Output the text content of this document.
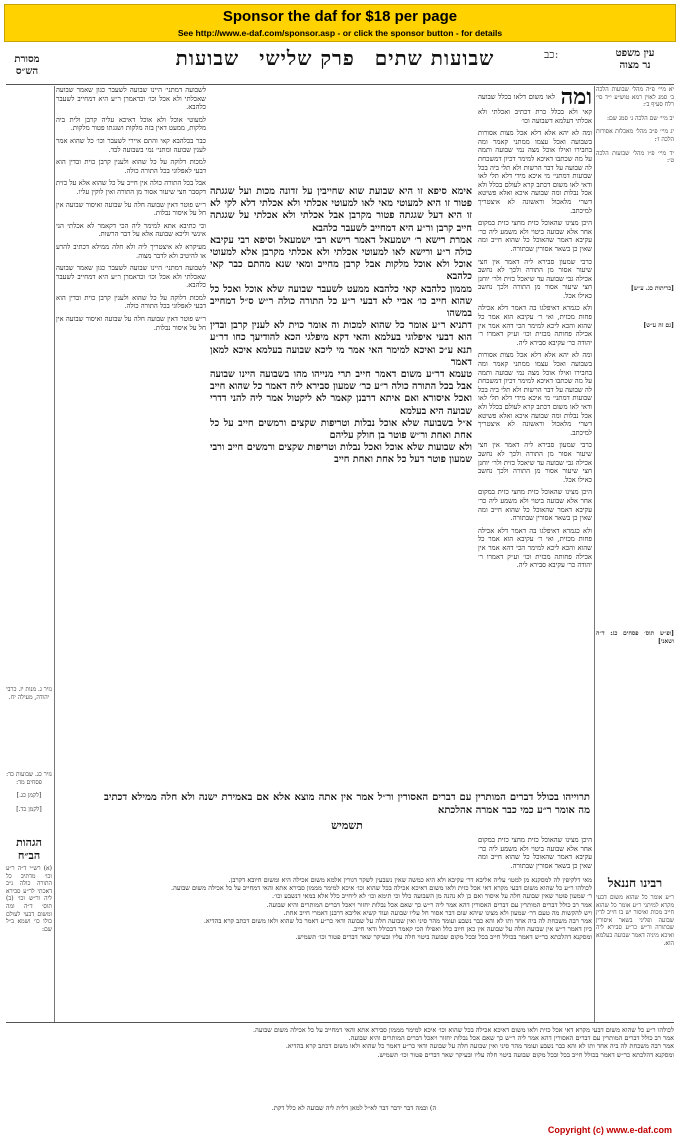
Sponsor the daf for $18 per page
See http://www.e-daf.com/sponsor.asp - or click the sponsor button - for details
עין משפט
נר מצוה
שבועות שתים פרק שלישי שבועות	כב:
מסורת
הש״ס

יא מיי׳ פ״ה מהל׳ שבועות הלכה ב׳ סמג לאוין רמא טוש״ע י״ד סי׳ רלח סעיף ב׳:

יב מיי׳ שם הלכה ג׳ סמג שם:

יג מיי׳ פ״ב מהל׳ מאכלות אסורות הלכה ז׳:

יד מיי׳ פ״ו מהל׳ שבועות הלכה ט׳:

[כריתות כג. ע״ש]
[גם זה ע״ש]
[ופ״ש תוס׳ פסחים כג: ד״ה ושאני]

ומה לאו משום דלאו בכלל שבועה קאי ולא בכלל כרת דכתיב ואכלתי ולא אכלתי דעלמא דשבועה וכו׳

ומה לא יהא אלא דלא אכל מצות אסורות בשבועה ואכל עצמו ממתני קאמר ומה בחבירו ואילו אוכל מצה נמי שבועה ותמה על מה שכתבו דאיכא למימר דכיון דמשכחת לה שבועה על דבר הרשות ולא תלי ביה בכל שבועות דמתני׳ מי איכא מידי דלא תלי לאו ודאי לאו משום דכתב קרא לעולם בכלל ולא אכל נבלות ומה שבועה איכא ואלא פשיטא דשרי מלאכול וראשונה לא איצטריך למיכתב.

היכן מצינו שהאוכל כזית מחצי כזית במקום אחר אלא שבועה ביטוי ולא משמע ליה כר׳ עקיבא דאמר שהאוכל כל שהוא חייב ומה שאין כן בשאר אסורין שבתורה.

כרבי שמעון סבירא ליה דאמר אין חצי שיעור אסור מן התורה ולכך לא נחשב אכילה גבי שבועה עד שיאכל כזית ולר׳ יוחנן חצי שיעור אסור מן התורה ולכך נחשב כאילו אכל.

ולא כגמרא דאיפלגו בה דאמר דלא אכילה פחות מכזית, ואי ר׳ עקיבא הוא אמר כל שהוא והכא ליכא למימר הכי דהא אמר אין אכילה פחותה מכזית וכו׳ וע״ק דאמרו ר׳ יהודה כר׳ עקיבא סבירא ליה.

ומה לא יהא אלא דלא אכל מצות אסורות בשבועה ואכל עצמו ממתני קאמר ומה בחבירו ואילו אוכל מצה נמי שבועה ותמה על מה שכתבו דאיכא למימר דכיון דמשכחת לה שבועה על דבר הרשות ולא תלי ביה בכל שבועות דמתני׳ מי איכא מידי דלא תלי לאו ודאי לאו משום דכתב קרא לעולם בכלל ולא אכל נבלות ומה שבועה איכא ואלא פשיטא דשרי מלאכול וראשונה לא איצטריך למיכתב.

כרבי שמעון סבירא ליה דאמר אין חצי שיעור אסור מן התורה ולכך לא נחשב אכילה גבי שבועה עד שיאכל כזית ולר׳ יוחנן חצי שיעור אסור מן התורה ולכך נחשב כאילו אכל.

היכן מצינו שהאוכל כזית מחצי כזית במקום אחר אלא שבועה ביטוי ולא משמע ליה כר׳ עקיבא דאמר שהאוכל כל שהוא חייב ומה שאין כן בשאר אסורין שבתורה.

ולא כגמרא דאיפלגו בה דאמר דלא אכילה פחות מכזית, ואי ר׳ עקיבא הוא אמר כל שהוא והכא ליכא למימר הכי דהא אמר אין אכילה פחותה מכזית וכו׳ וע״ק דאמרו ר׳ יהודה כר׳ עקיבא סבירא ליה.

אימא סיפא זו היא שבועת שוא שחייבין על זדונה מכות ועל שגגתה פטור זו היא למעוטי מאי לאו למעוטי אכלתי ולא אכלתי דלא לקי לא זו היא דעל שגגתה פטור מקרבן אבל אכלתי ולא אכלתי על שגגתה חייב קרבן ור״ע היא דמחייב לשעבר כלהבא

אמרת רישא ר׳ ישמעאל דאמר רישא רבי ישמעאל וסיפא רבי עקיבא כולה ר״ע ורישא לאו למעוטי אכלתי ולא אכלתי מקרבן אלא למעוטי אוכל ולא אוכל מלקות אבל קרבן מחייב ומאי שנא מהתם כבר קאי כלהבא

מממון כלהבא קאי כלהבא ממעט לשעבר שבועה שלא אוכל ואכל כל שהוא חייב כו׳ אביי לא דבעי ר״ע כל התורה כולה ר״ש ס״ל דמחייב במשהו

דתניא ר״ע אומר כל שהוא למכות וה אומר כוית לא לענין קרבן ובדין הוא דבעי איפלוגי בעלמא והאי דקא מיפלגי הכא להודיעך כחו דר״ע תנא ע״כ ואיכא למימר האי אמר מי ליכא שבועה בעלמא איכא למאן דאמר

טעמא דר״ע משום דאמר חייב תרי מנייהו מהו בשבועה היינו שבועה אבל בכל התורה כולה ר״ע כר׳ שמעון סבירא ליה דאמר כל שהוא חייב ואכל איסורא ואם איתא דרבנן קאמר לא ליקטול אמר ליה להני דדרי שבועה היא בעלמא

א״ל בשבועה שלא אוכל נבלות וטריפות שקצים ורמשים חייב על כל אחת ואחת ור״ש פוטר בן חולק עליהם

ולא שבועות שלא אוכל ואכל נבלות וטריפות שקצים ורמשים חייב ורבי שמעון פוטר דעל כל אחת ואחת חייב

תרוייהו בכולל דברים המותרין עם דברים האסורין ור״ל אמר אין אתה מוצא אלא אם באמירת ישנה ולא חלה ממילא דכתיב מה אומר ר״ע כמי כבר אמרה אהלכתא

תשמיש

לשבועה דמתני׳ היינו שבועה לשעבר כגון שאמר שבועה שאכלתי ולא אכל וכו׳ וכדאמרן ר״ע היא דמחייב לשעבר כלהבא.

למעוטי אוכל ולא אוכל דאיכא עליה קרבן ולית ביה מלקות, ממעט דאין בזה מלקות ושגגתו פטור מלקות.

כבר בכלהבא קאי והתם איירי לשעבר וכו׳ כל שהוא אמר לענין שבועה ומתני׳ נמי בשבועה לבד.

למכות דלוקה על כל שהוא ולענין קרבן כוית ובדין הוא דבעי לאפלוגי בכל התורה כולה.

אבל בכל התורה כולה אין חייב על כל שהוא אלא על כזית דקסבר חצי שיעור אסור מן התורה ואין לוקין עליו.

ר״ש פוטר דאין שבועה חלה על שבועה ואיסור שבועה אין חל על איסור נבלות.

וכי כתיבא אתא למימר ליה הכי דקאמר לא אכלתי הני אינשי וליכא שבועה אלא על דבר הרשות.

מעיקרא לא איצטריך ליה ולא חלה ממילא דכתיב להרע או להיטיב ולא לדבר מצוה.

לשבועה דמתני׳ היינו שבועה לשעבר כגון שאמר שבועה שאכלתי ולא אכל וכו׳ וכדאמרן ר״ע היא דמחייב לשעבר כלהבא.

למכות דלוקה על כל שהוא ולענין קרבן כוית ובדין הוא דבעי לאפלוגי בכל התורה כולה.

ר״ש פוטר דאין שבועה חלה על שבועה ואיסור שבועה אין חל על איסור נבלות.

נזיר ג. מנות יז. כרבי יהודה, מעילה יח.

נזיר כג. שבועות כד: פסחים מד:

[לקמן כג.]

[לקמן כד.]

הגהות הב״ח
(א) רש״י ד״ה ר״ע וכו׳ מדתיב כל התורה כולה נ״ב דאכתי לר״ע סבירא ליה ור״ש וכו׳ (ב) תוס׳ ד״ה ומה ומשום דבעי לעולם כולו כו׳ ושמא ב״ל שם:
רבינו חננאל
ר״ע אומר כל שהוא משום דבעי מקרא למיתני ר״ע אומר כל שהוא חייב מכות ואיסור יש בו חייב לדין שבועה ופליגי בשאר איסורין שבתורה ור״ש כר״ע סבירא ליה ואיכא מיניה דאמר שבועה בעלמא הוא.

היכן מצינו שהאוכל כזית מחצי כזית במקום אחר אלא שבועה ביטוי ולא משמע ליה כר׳ עקיבא דאמר שהאוכל כל שהוא חייב ומה שאין כן בשאר אסורין שבתורה.

מאי דלקיפין לה למסקנא מן למטו׳ עליה אליבא דר׳ עקיבא ולא היא כמשה שאין נשבעין לשקר דגורין אלמא משום אכילה היא ומשום חיובא דקרבן.

לכולהו ר״ע כל שהוא משום דבעי מקרא דאי אכל כזית ולאו משום דאיכא אכילה בכל שהוא וכו׳ איכא למימר מממון סבירא אתא והאי דמחייב על כל אכילה משום שבועה.

ר׳ שמעון פוטר שאין שבועה חלה על איסור ואם כן לא נהנה מן השבועה כלל וכי תימא וכו׳ לא ליחייב כלל אלא במאי דנשבע וכו׳.

אמר רב כולל דברים המותרין עם דברים האסורין דהא אמר ליה ר״ש כך שאם אכל נבלות יחזור ויאכל דברים המותרים והיא שבועה.

ויש להקשות מה טעם דר׳ שמעון ולא מצינו שיהא שום דבר אסור חל עליו שבועה ועוד קשיא אליבא דרבנן דאמרי חייב אחת.

אמר רבה משכחת לה ביה אחד ותו לא והא כבר נשבע ועומד מהר סיני ואין שבועה חלה על שבועה ודאי כר״ע דאמר כל שהוא ולאו משום דכתב קרא בהדיא.

כיון דאמר ר״ש אין שבועה חלה על שבועה אין כאן חיוב כלל ואפילו הכי קאמר דבכולל ודאי חייב.

ומסקנא דהלכתא כר״ש דאמר בכולל חייב בכל ובכל מקום שבועה ביטוי חלה עליו ובעיקר שאר דברים פטור וכו׳ תשמיש.

לכולהו ר״ע כל שהוא משום דבעי מקרא דאי אכל כזית ולאו משום דאיכא אכילה בכל שהוא וכו׳ איכא למימר מממון סבירא אתא והאי דמחייב על כל אכילה משום שבועה.

אמר רב כולל דברים המותרין עם דברים האסורין דהא אמר ליה ר״ש כך שאם אכל נבלות יחזור ויאכל דברים המותרים והיא שבועה.

אמר רבה משכחת לה ביה אחד ותו לא והא כבר נשבע ועומד מהר סיני ואין שבועה חלה על שבועה ודאי כר״ע דאמר כל שהוא ולאו משום דכתב קרא בהדיא.

ומסקנא דהלכתא כר״ש דאמר בכולל חייב בכל ובכל מקום שבועה ביטוי חלה עליו ובעיקר שאר דברים פטור וכו׳ תשמיש.

ה) ובמה דבר ידבר דבר לא״ל למאן דלית ליה שבועה לא כלל דקת.
Copyright (c) www.e-daf.com
